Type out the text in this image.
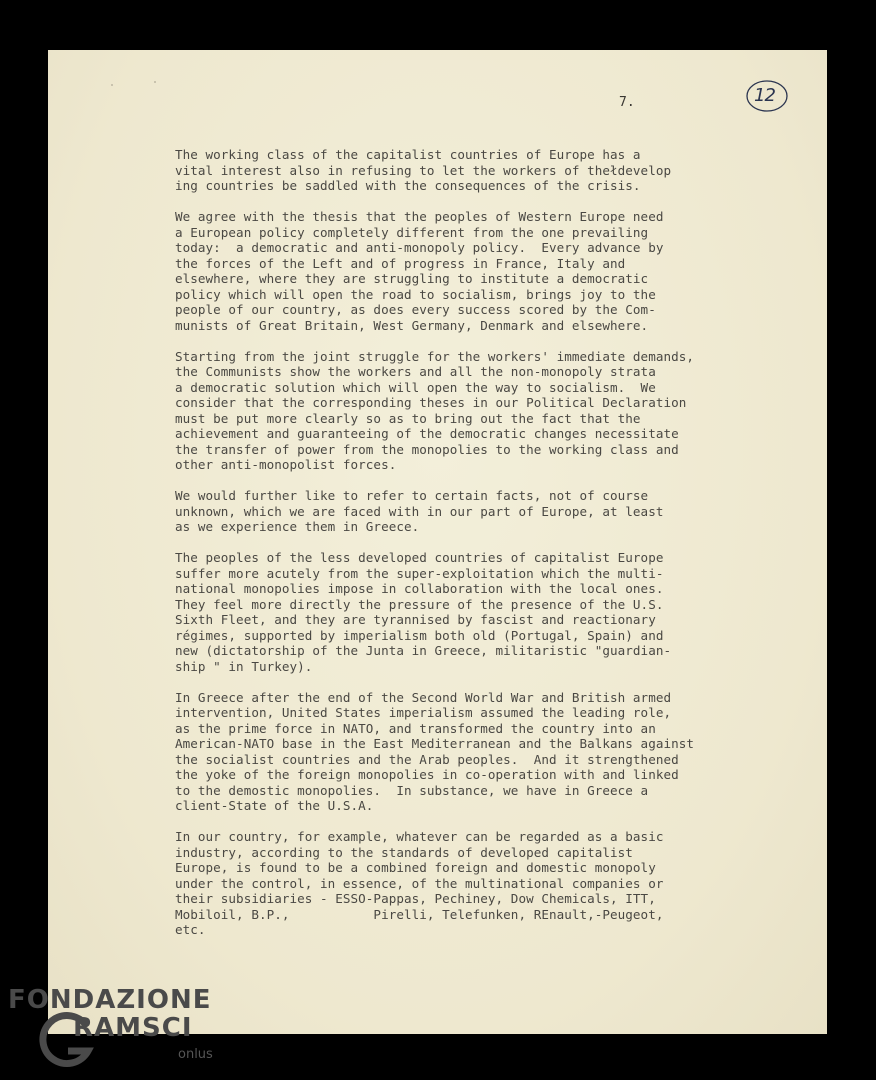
7.	12
The working class of the capitalist countries of Europe has a
vital interest also in refusing to let the workers of thełdevelop
ing countries be saddled with the consequences of the crisis.
We agree with the thesis that the peoples of Western Europe need
a European policy completely different from the one prevailing
today:  a democratic and anti-monopoly policy.  Every advance by
the forces of the Left and of progress in France, Italy and
elsewhere, where they are struggling to institute a democratic
policy which will open the road to socialism, brings joy to the
people of our country, as does every success scored by the Com-
munists of Great Britain, West Germany, Denmark and elsewhere.
Starting from the joint struggle for the workers' immediate demands,
the Communists show the workers and all the non-monopoly strata
a democratic solution which will open the way to socialism.  We
consider that the corresponding theses in our Political Declaration
must be put more clearly so as to bring out the fact that the
achievement and guaranteeing of the democratic changes necessitate
the transfer of power from the monopolies to the working class and
other anti-monopolist forces.
We would further like to refer to certain facts, not of course
unknown, which we are faced with in our part of Europe, at least
as we experience them in Greece.
The peoples of the less developed countries of capitalist Europe
suffer more acutely from the super-exploitation which the multi-
national monopolies impose in collaboration with the local ones.
They feel more directly the pressure of the presence of the U.S.
Sixth Fleet, and they are tyrannised by fascist and reactionary
régimes, supported by imperialism both old (Portugal, Spain) and
new (dictatorship of the Junta in Greece, militaristic "guardian-
ship " in Turkey).
In Greece after the end of the Second World War and British armed
intervention, United States imperialism assumed the leading role,
as the prime force in NATO, and transformed the country into an
American-NATO base in the East Mediterranean and the Balkans against
the socialist countries and the Arab peoples.  And it strengthened
the yoke of the foreign monopolies in co-operation with and linked
to the demostic monopolies.  In substance, we have in Greece a
client-State of the U.S.A.
In our country, for example, whatever can be regarded as a basic
industry, according to the standards of developed capitalist
Europe, is found to be a combined foreign and domestic monopoly
under the control, in essence, of the multinational companies or
their subsidiaries - ESSO-Pappas, Pechiney, Dow Chemicals, ITT,
Mobiloil, B.P.,           Pirelli, Telefunken, REnault,-Peugeot,
etc.
FONDAZIONE
RAMSCI
onlus
